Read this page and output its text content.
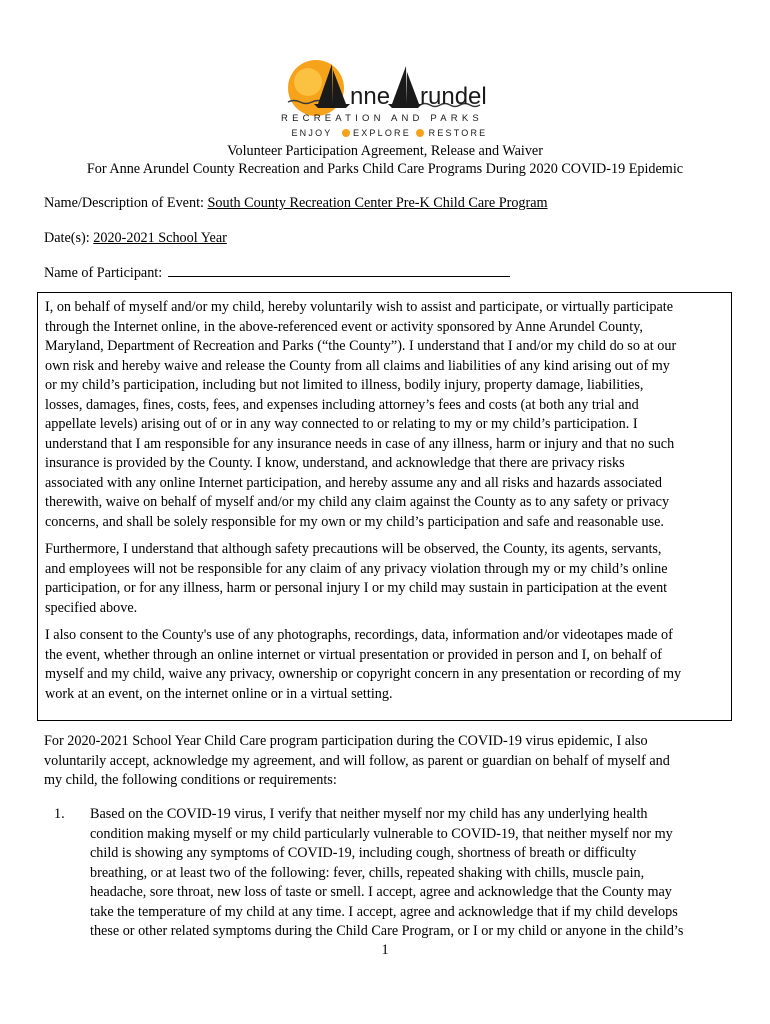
nne rundel
RECREATION AND PARKS
ENJOY EXPLORE RESTORE
Volunteer Participation Agreement, Release and Waiver
For Anne Arundel County Recreation and Parks Child Care Programs During 2020 COVID-19 Epidemic
Name/Description of Event: South County Recreation Center Pre-K Child Care Program
Date(s): 2020-2021 School Year
Name of Participant:

I, on behalf of myself and/or my child, hereby voluntarily wish to assist and participate, or virtually participate
through the Internet online, in the above-referenced event or activity sponsored by Anne Arundel County,
Maryland, Department of Recreation and Parks (“the County”). I understand that I and/or my child do so at our
own risk and hereby waive and release the County from all claims and liabilities of any kind arising out of my
or my child’s participation, including but not limited to illness, bodily injury, property damage, liabilities,
losses, damages, fines, costs, fees, and expenses including attorney’s fees and costs (at both any trial and
appellate levels) arising out of or in any way connected to or relating to my or my child’s participation. I
understand that I am responsible for any insurance needs in case of any illness, harm or injury and that no such
insurance is provided by the County. I know, understand, and acknowledge that there are privacy risks
associated with any online Internet participation, and hereby assume any and all risks and hazards associated
therewith, waive on behalf of myself and/or my child any claim against the County as to any safety or privacy
concerns, and shall be solely responsible for my own or my child’s participation and safe and reasonable use.

Furthermore, I understand that although safety precautions will be observed, the County, its agents, servants,
and employees will not be responsible for any claim of any privacy violation through my or my child’s online
participation, or for any illness, harm or personal injury I or my child may sustain in participation at the event
specified above.

I also consent to the County's use of any photographs, recordings, data, information and/or videotapes made of
the event, whether through an online internet or virtual presentation or provided in person and I, on behalf of
myself and my child, waive any privacy, ownership or copyright concern in any presentation or recording of my
work at an event, on the internet online or in a virtual setting.

For 2020-2021 School Year Child Care program participation during the COVID-19 virus epidemic, I also
voluntarily accept, acknowledge my agreement, and will follow, as parent or guardian on behalf of myself and
my child, the following conditions or requirements:

1. Based on the COVID-19 virus, I verify that neither myself nor my child has any underlying health
condition making myself or my child particularly vulnerable to COVID-19, that neither myself nor my
child is showing any symptoms of COVID-19, including cough, shortness of breath or difficulty
breathing, or at least two of the following: fever, chills, repeated shaking with chills, muscle pain,
headache, sore throat, new loss of taste or smell. I accept, agree and acknowledge that the County may
take the temperature of my child at any time. I accept, agree and acknowledge that if my child develops
these or other related symptoms during the Child Care Program, or I or my child or anyone in the child’s

1
